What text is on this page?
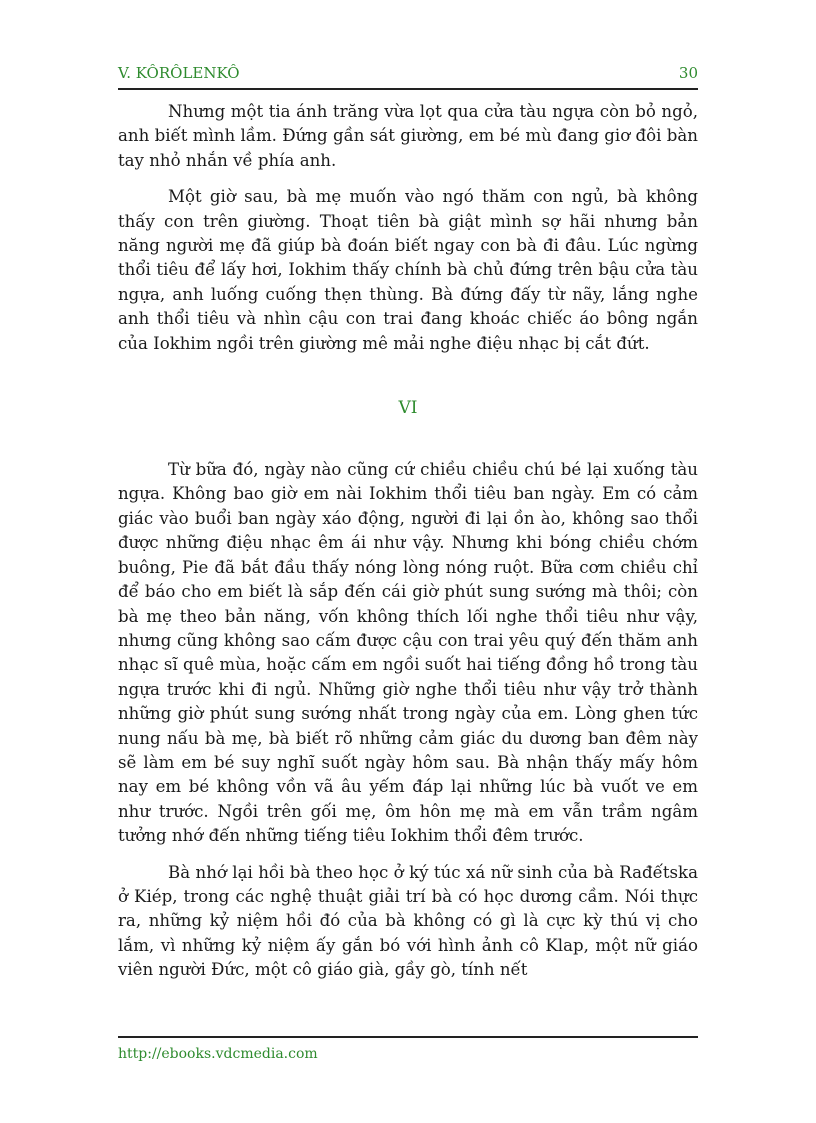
V. KÔRÔLENKÔ	30

Nhưng một tia ánh trăng vừa lọt qua cửa tàu ngựa còn bỏ ngỏ, anh biết mình lầm. Đứng gần sát giường, em bé mù đang giơ đôi bàn tay nhỏ nhắn về phía anh.

Một giờ sau, bà mẹ muốn vào ngó thăm con ngủ, bà không thấy con trên giường. Thoạt tiên bà giật mình sợ hãi nhưng bản năng người mẹ đã giúp bà đoán biết ngay con bà đi đâu. Lúc ngừng thổi tiêu để lấy hơi, Iokhim thấy chính bà chủ đứng trên bậu cửa tàu ngựa, anh luống cuống thẹn thùng. Bà đứng đấy từ nãy, lắng nghe anh thổi tiêu và nhìn cậu con trai đang khoác chiếc áo bông ngắn của Iokhim ngồi trên giường mê mải nghe điệu nhạc bị cắt đứt.

VI

Từ bữa đó, ngày nào cũng cứ chiều chiều chú bé lại xuống tàu ngựa. Không bao giờ em nài Iokhim thổi tiêu ban ngày. Em có cảm giác vào buổi ban ngày xáo động, người đi lại ồn ào, không sao thổi được những điệu nhạc êm ái như vậy. Nhưng khi bóng chiều chớm buông, Pie đã bắt đầu thấy nóng lòng nóng ruột. Bữa cơm chiều chỉ để báo cho em biết là sắp đến cái giờ phút sung sướng mà thôi; còn bà mẹ theo bản năng, vốn không thích lối nghe thổi tiêu như vậy, nhưng cũng không sao cấm được cậu con trai yêu quý đến thăm anh nhạc sĩ quê mùa, hoặc cấm em ngồi suốt hai tiếng đồng hồ trong tàu ngựa trước khi đi ngủ. Những giờ nghe thổi tiêu như vậy trở thành những giờ phút sung sướng nhất trong ngày của em. Lòng ghen tức nung nấu bà mẹ, bà biết rõ những cảm giác du dương ban đêm này sẽ làm em bé suy nghĩ suốt ngày hôm sau. Bà nhận thấy mấy hôm nay em bé không vồn vã âu yếm đáp lại những lúc bà vuốt ve em như trước. Ngồi trên gối mẹ, ôm hôn mẹ mà em vẫn trầm ngâm tưởng nhớ đến những tiếng tiêu Iokhim thổi đêm trước.

Bà nhớ lại hồi bà theo học ở ký túc xá nữ sinh của bà Rađếtska ở Kiép, trong các nghệ thuật giải trí bà có học dương cầm. Nói thực ra, những kỷ niệm hồi đó của bà không có gì là cực kỳ thú vị cho lắm, vì những kỷ niệm ấy gắn bó với hình ảnh cô Klap, một nữ giáo viên người Đức, một cô giáo già, gầy gò, tính nết

http://ebooks.vdcmedia.com
